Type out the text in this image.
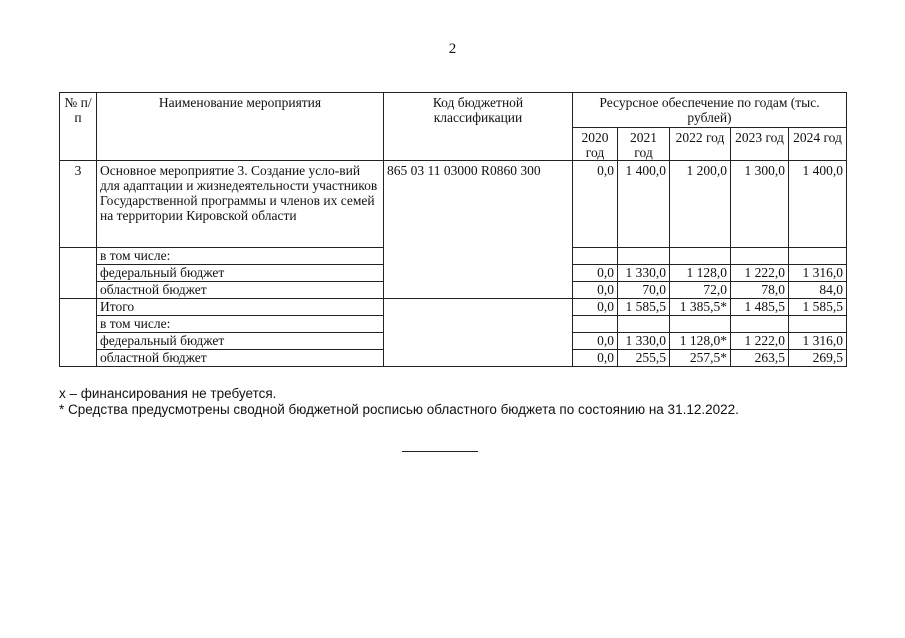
2
№ п/п	Наименование мероприятия	Код бюджетной классификации	Ресурсное обеспечение по годам (тыс. рублей)				
			2020 год	2021 год	2022 год	2023 год	2024 год
3	Основное мероприятие 3. Создание усло-вий для адаптации и жизнедеятельности участников Государственной программы и членов их семей на территории Кировской области	865 03 11 03000 R0860 300	0,0	1 400,0	1 200,0	1 300,0	1 400,0
	в том числе:						
	федеральный бюджет		0,0	1 330,0	1 128,0	1 222,0	1 316,0
	областной бюджет		0,0	70,0	72,0	78,0	84,0
	Итого		0,0	1 585,5	1 385,5*	1 485,5	1 585,5
	в том числе:						
	федеральный бюджет		0,0	1 330,0	1 128,0*	1 222,0	1 316,0
	областной бюджет		0,0	255,5	257,5*	263,5	269,5

х – финансирования не требуется.

* Средства предусмотрены сводной бюджетной росписью областного бюджета по состоянию на 31.12.2022.
